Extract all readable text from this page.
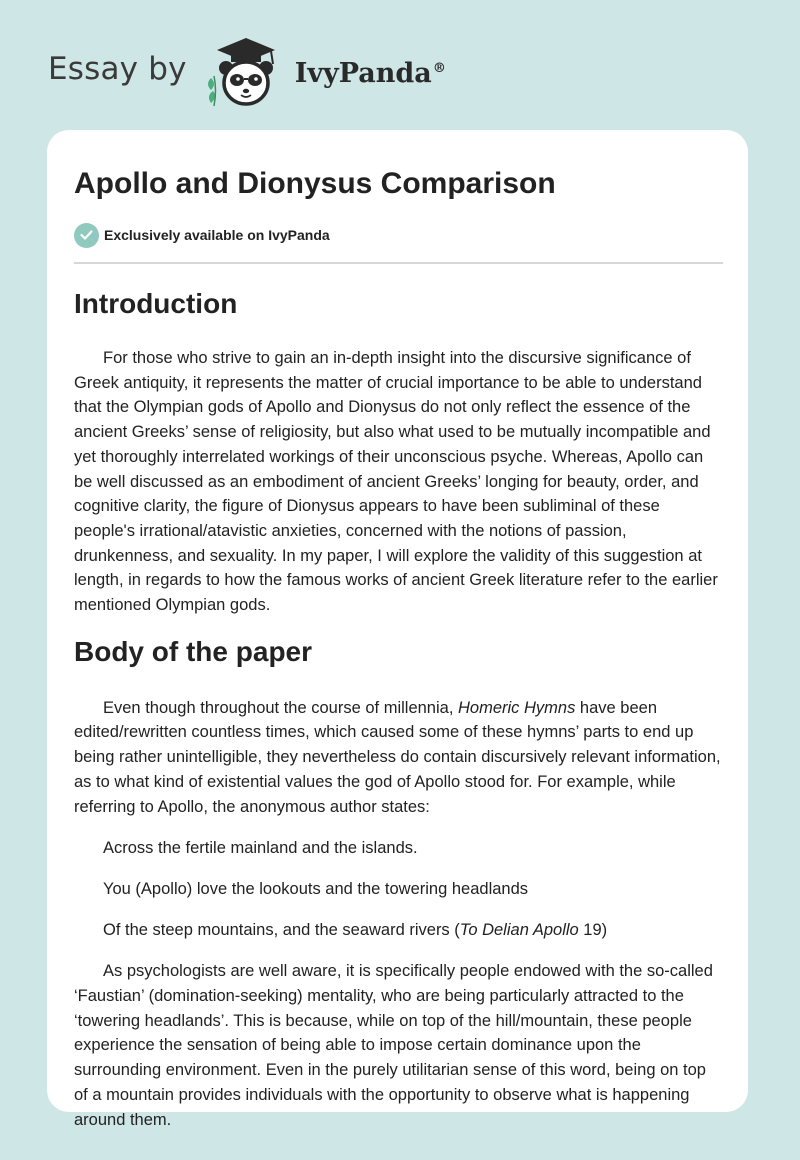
Essay by	IvyPanda®
Apollo and Dionysus Comparison
Exclusively available on IvyPanda
Introduction

For those who strive to gain an in-depth insight into the discursive significance of Greek antiquity, it represents the matter of crucial importance to be able to understand that the Olympian gods of Apollo and Dionysus do not only reflect the essence of the ancient Greeks’ sense of religiosity, but also what used to be mutually incompatible and yet thoroughly interrelated workings of their unconscious psyche. Whereas, Apollo can be well discussed as an embodiment of ancient Greeks’ longing for beauty, order, and cognitive clarity, the figure of Dionysus appears to have been subliminal of these people's irrational/atavistic anxieties, concerned with the notions of passion, drunkenness, and sexuality. In my paper, I will explore the validity of this suggestion at length, in regards to how the famous works of ancient Greek literature refer to the earlier mentioned Olympian gods.

Body of the paper

Even though throughout the course of millennia, Homeric Hymns have been edited/rewritten countless times, which caused some of these hymns’ parts to end up being rather unintelligible, they nevertheless do contain discursively relevant information, as to what kind of existential values the god of Apollo stood for. For example, while referring to Apollo, the anonymous author states:

Across the fertile mainland and the islands.

You (Apollo) love the lookouts and the towering headlands

Of the steep mountains, and the seaward rivers (To Delian Apollo 19)

As psychologists are well aware, it is specifically people endowed with the so-called ‘Faustian’ (domination-seeking) mentality, who are being particularly attracted to the ‘towering headlands’. This is because, while on top of the hill/mountain, these people experience the sensation of being able to impose certain dominance upon the surrounding environment. Even in the purely utilitarian sense of this word, being on top of a mountain provides individuals with the opportunity to observe what is happening around them.
